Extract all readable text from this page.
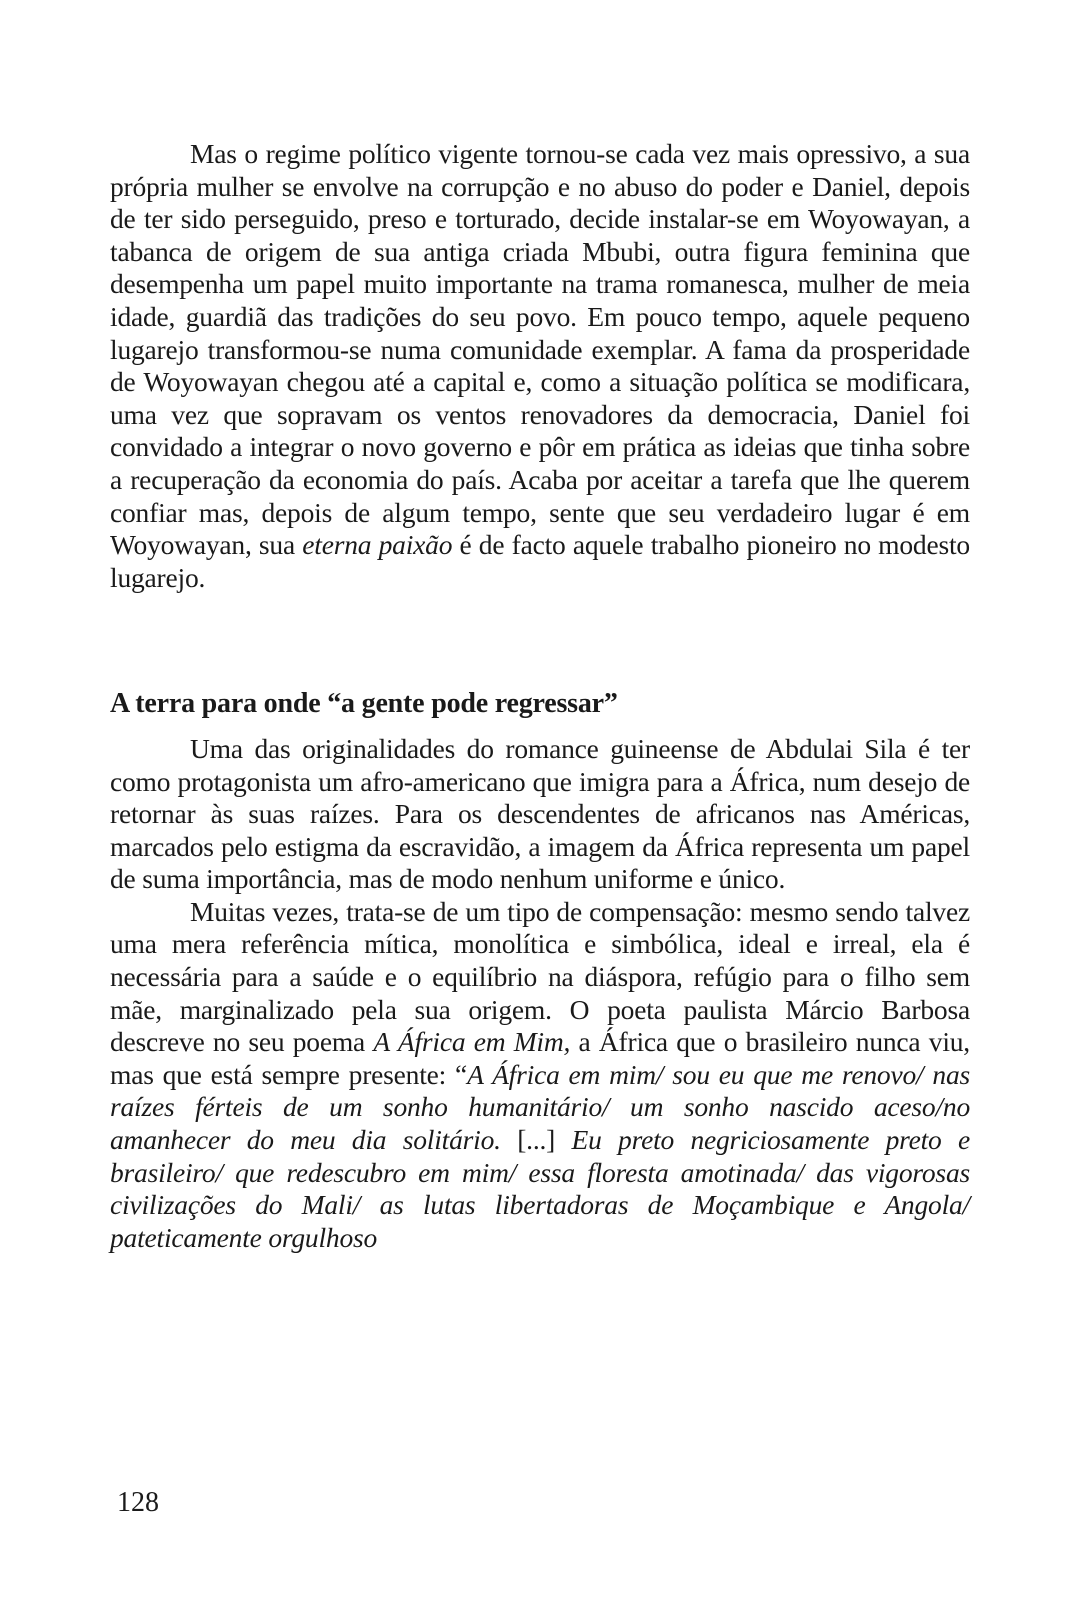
Mas o regime político vigente tornou-se cada vez mais opressivo, a sua própria mulher se envolve na corrupção e no abuso do poder e Daniel, depois de ter sido perseguido, preso e torturado, decide instalar-se em Woyowayan, a tabanca de origem de sua antiga criada Mbubi, outra figura feminina que desempenha um papel muito importante na trama romanesca, mulher de meia idade, guardiã das tradições do seu povo. Em pouco tempo, aquele pequeno lugarejo transformou-se numa comunidade exemplar. A fama da prosperidade de Woyowayan chegou até a capital e, como a situação política se modificara, uma vez que sopravam os ventos renovadores da democracia, Daniel foi convidado a integrar o novo governo e pôr em prática as ideias que tinha sobre a recuperação da economia do país. Acaba por aceitar a tarefa que lhe querem confiar mas, depois de algum tempo, sente que seu verdadeiro lugar é em Woyowayan, sua eterna paixão é de facto aquele trabalho pioneiro no modesto lugarejo.

A terra para onde “a gente pode regressar”

Uma das originalidades do romance guineense de Abdulai Sila é ter como protagonista um afro-americano que imigra para a África, num desejo de retornar às suas raízes. Para os descendentes de africanos nas Américas, marcados pelo estigma da escravidão, a imagem da África representa um papel de suma importância, mas de modo nenhum uniforme e único.

Muitas vezes, trata-se de um tipo de compensação: mesmo sendo talvez uma mera referência mítica, monolítica e simbólica, ideal e irreal, ela é necessária para a saúde e o equilíbrio na diáspora, refúgio para o filho sem mãe, marginalizado pela sua origem. O poeta paulista Márcio Barbosa descreve no seu poema A África em Mim, a África que o brasileiro nunca viu, mas que está sempre presente: “A África em mim/ sou eu que me renovo/ nas raízes férteis de um sonho humanitário/ um sonho nascido aceso/no amanhecer do meu dia solitário. [...] Eu preto negriciosamente preto e brasileiro/ que redescubro em mim/ essa floresta amotinada/ das vigorosas civilizações do Mali/ as lutas libertadoras de Moçambique e Angola/ pateticamente orgulhoso

128
